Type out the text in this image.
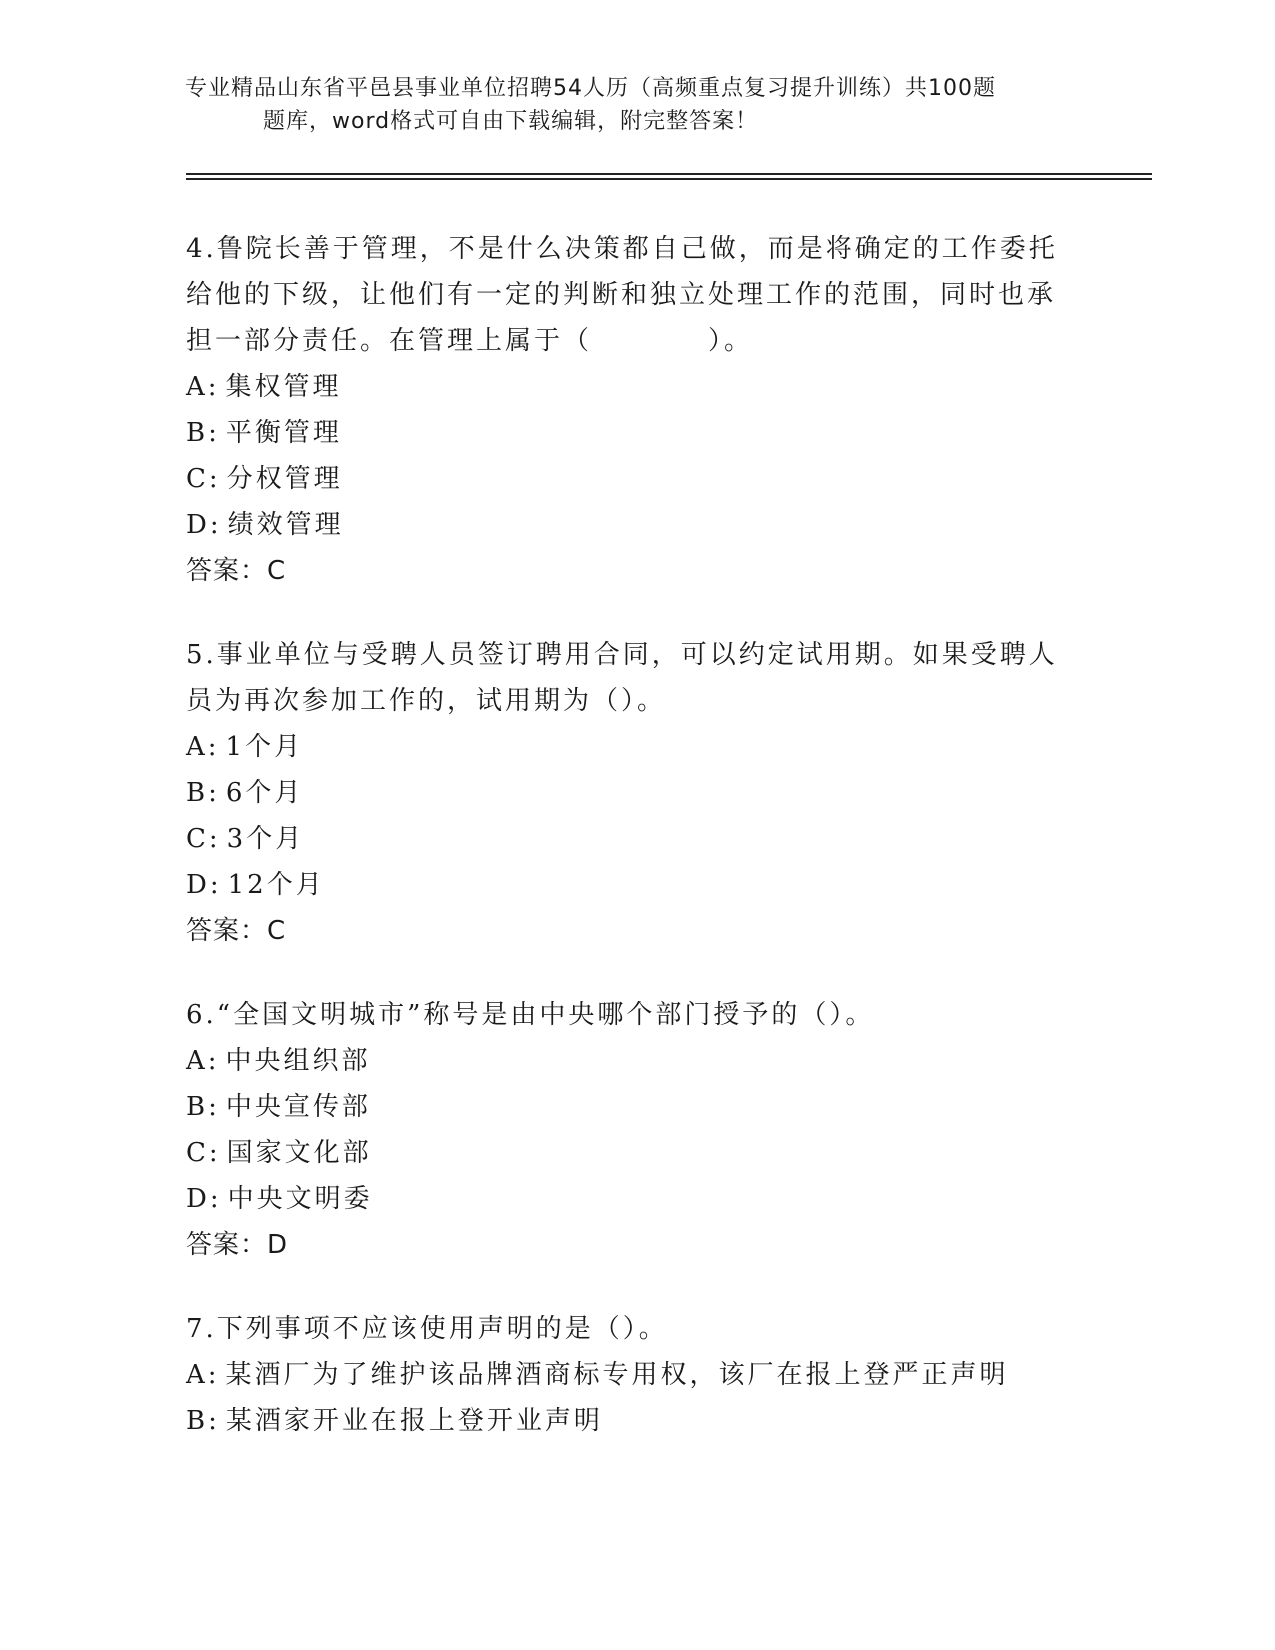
专业精品山东省平邑县事业单位招聘54人历（高频重点复习提升训练）共100题
题库，word格式可自由下载编辑，附完整答案！
4.鲁院长善于管理，不是什么决策都自己做，而是将确定的工作委托给他的下级，让他们有一定的判断和独立处理工作的范围，同时也承担一部分责任。在管理上属于（　　　　）。
A: 集权管理
B: 平衡管理
C: 分权管理
D: 绩效管理
答案：C
5.事业单位与受聘人员签订聘用合同，可以约定试用期。如果受聘人员为再次参加工作的，试用期为（）。
A: 1个月
B: 6个月
C: 3个月
D: 12个月
答案：C
6.“全国文明城市”称号是由中央哪个部门授予的（）。
A: 中央组织部
B: 中央宣传部
C: 国家文化部
D: 中央文明委
答案：D
7.下列事项不应该使用声明的是（）。
A: 某酒厂为了维护该品牌酒商标专用权，该厂在报上登严正声明
B: 某酒家开业在报上登开业声明
